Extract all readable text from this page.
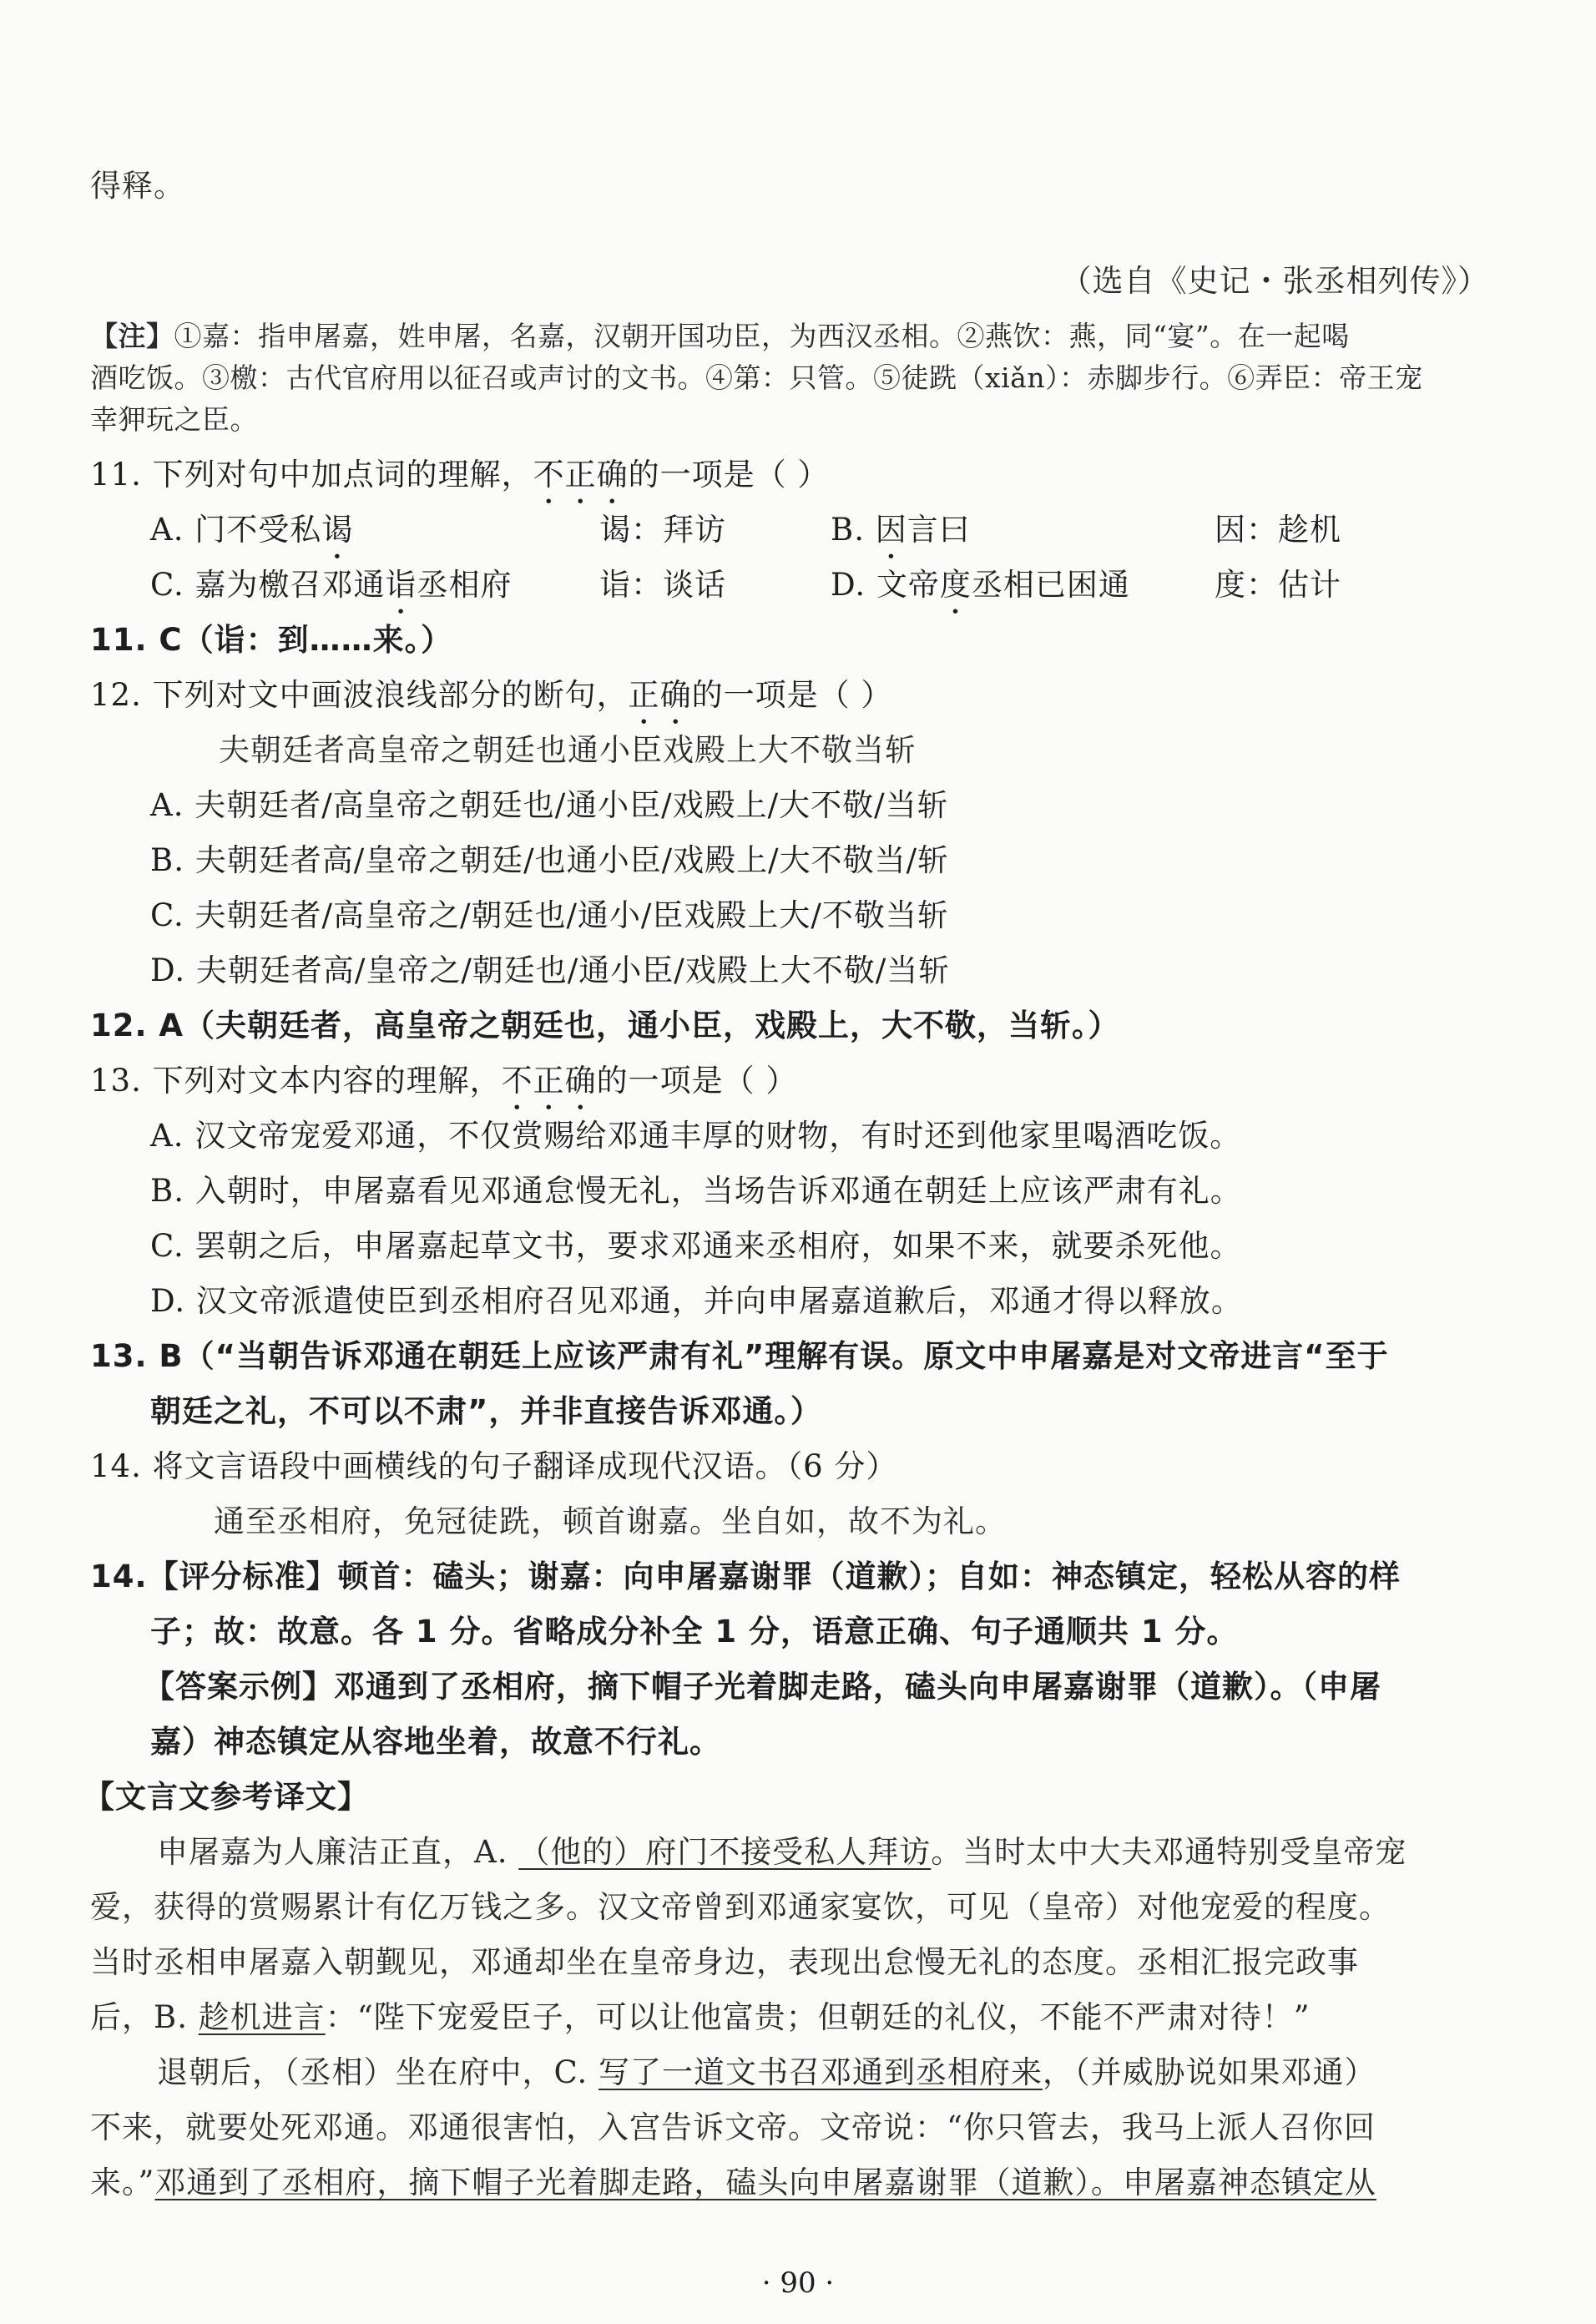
得释。
（选自《史记・张丞相列传》）
【注】①嘉：指申屠嘉，姓申屠，名嘉，汉朝开国功臣，为西汉丞相。②燕饮：燕，同“宴”。在一起喝
酒吃饭。③檄：古代官府用以征召或声讨的文书。④第：只管。⑤徒跣（xiǎn）：赤脚步行。⑥弄臣：帝王宠
幸狎玩之臣。
11. 下列对句中加点词的理解，不正确的一项是（ ）
A. 门不受私谒	谒：拜访	B. 因言曰	因：趁机
C. 嘉为檄召邓通诣丞相府	诣：谈话	D. 文帝度丞相已困通	度：估计
11. C（诣：到……来。）
12. 下列对文中画波浪线部分的断句，正确的一项是（ ）
夫朝廷者高皇帝之朝廷也通小臣戏殿上大不敬当斩
A. 夫朝廷者/高皇帝之朝廷也/通小臣/戏殿上/大不敬/当斩
B. 夫朝廷者高/皇帝之朝廷/也通小臣/戏殿上/大不敬当/斩
C. 夫朝廷者/高皇帝之/朝廷也/通小/臣戏殿上大/不敬当斩
D. 夫朝廷者高/皇帝之/朝廷也/通小臣/戏殿上大不敬/当斩
12. A（夫朝廷者，高皇帝之朝廷也，通小臣，戏殿上，大不敬，当斩。）
13. 下列对文本内容的理解，不正确的一项是（ ）
A. 汉文帝宠爱邓通，不仅赏赐给邓通丰厚的财物，有时还到他家里喝酒吃饭。
B. 入朝时，申屠嘉看见邓通怠慢无礼，当场告诉邓通在朝廷上应该严肃有礼。
C. 罢朝之后，申屠嘉起草文书，要求邓通来丞相府，如果不来，就要杀死他。
D. 汉文帝派遣使臣到丞相府召见邓通，并向申屠嘉道歉后，邓通才得以释放。
13. B（“当朝告诉邓通在朝廷上应该严肃有礼”理解有误。原文中申屠嘉是对文帝进言“至于
朝廷之礼，不可以不肃”，并非直接告诉邓通。）
14. 将文言语段中画横线的句子翻译成现代汉语。（6 分）
通至丞相府，免冠徒跣，顿首谢嘉。坐自如，故不为礼。
14.【评分标准】顿首：磕头；谢嘉：向申屠嘉谢罪（道歉）；自如：神态镇定，轻松从容的样
子；故：故意。各 1 分。省略成分补全 1 分，语意正确、句子通顺共 1 分。
【答案示例】邓通到了丞相府，摘下帽子光着脚走路，磕头向申屠嘉谢罪（道歉）。（申屠
嘉）神态镇定从容地坐着，故意不行礼。
【文言文参考译文】
申屠嘉为人廉洁正直，A. （他的）府门不接受私人拜访。当时太中大夫邓通特别受皇帝宠
爱，获得的赏赐累计有亿万钱之多。汉文帝曾到邓通家宴饮，可见（皇帝）对他宠爱的程度。
当时丞相申屠嘉入朝觐见，邓通却坐在皇帝身边，表现出怠慢无礼的态度。丞相汇报完政事
后，B. 趁机进言：“陛下宠爱臣子，可以让他富贵；但朝廷的礼仪，不能不严肃对待！”
退朝后，（丞相）坐在府中，C. 写了一道文书召邓通到丞相府来，（并威胁说如果邓通）
不来，就要处死邓通。邓通很害怕，入宫告诉文帝。文帝说：“你只管去，我马上派人召你回
来。”邓通到了丞相府，摘下帽子光着脚走路，磕头向申屠嘉谢罪（道歉）。申屠嘉神态镇定从
· 90 ·
